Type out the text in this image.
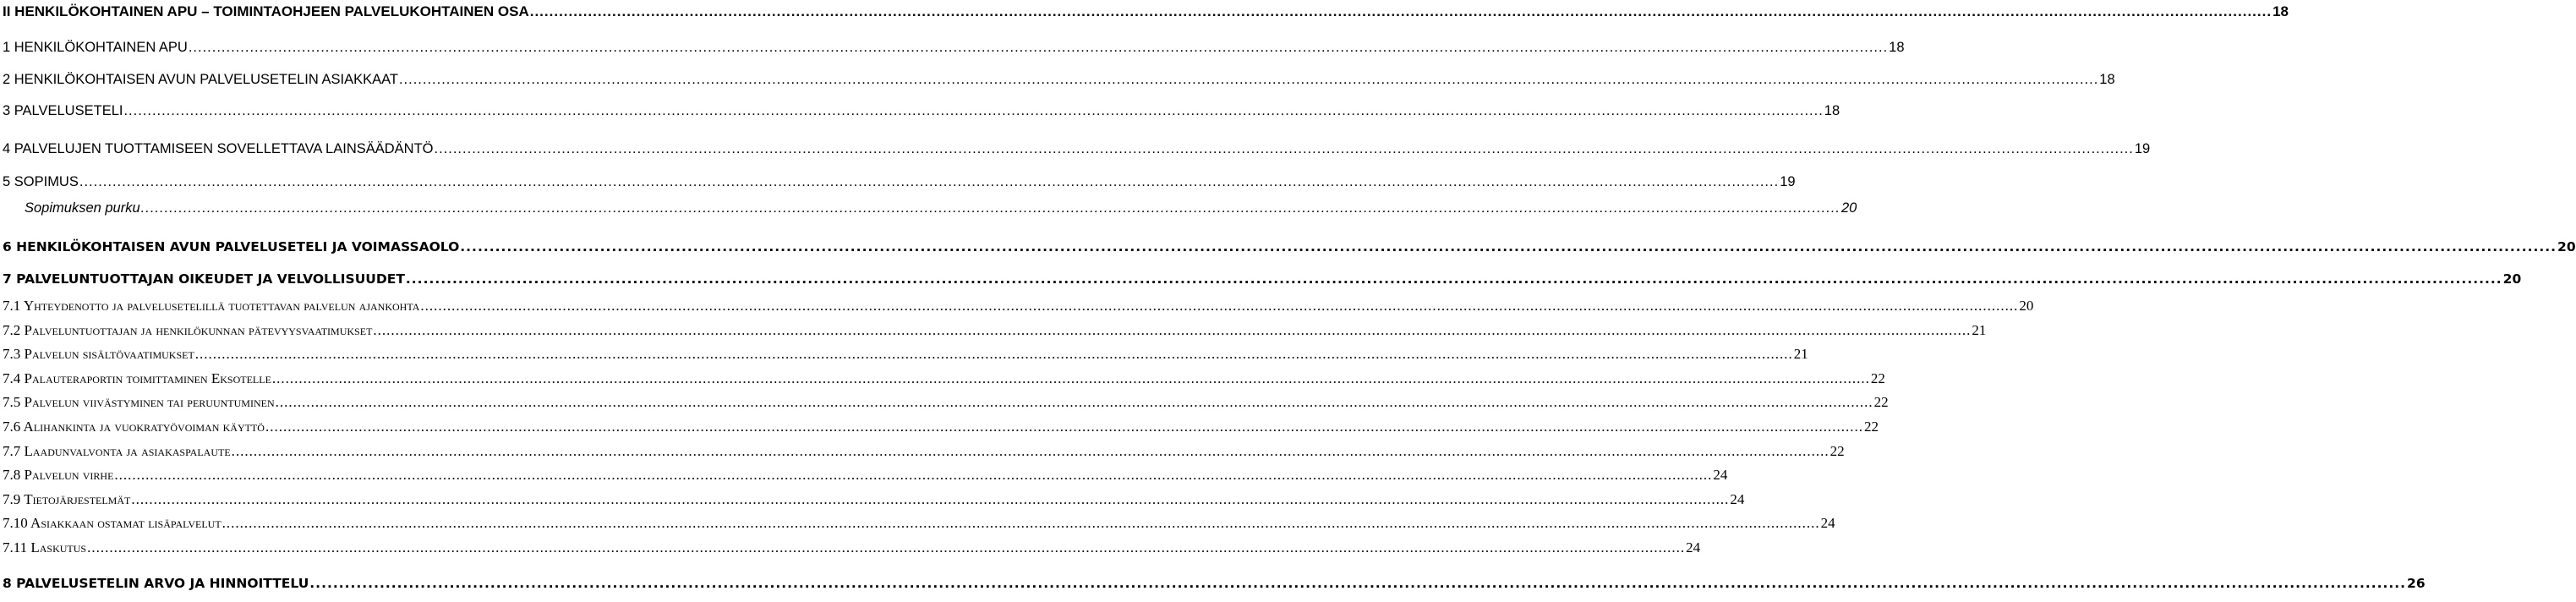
II HENKILÖKOHTAINEN APU – TOIMINTAOHJEEN PALVELUKOHTAINEN OSA .....	18
1 HENKILÖKOHTAINEN APU .....	18
2 HENKILÖKOHTAISEN AVUN PALVELUSETELIN ASIAKKAAT .....	18
3 PALVELUSETELI .....	18
4 PALVELUJEN TUOTTAMISEEN SOVELLETTAVA LAINSÄÄDÄNTÖ .....	19
5 SOPIMUS .....	19
Sopimuksen purku .....	20
6 HENKILÖKOHTAISEN AVUN PALVELUSETELI JA VOIMASSAOLO .....	20
7 PALVELUNTUOTTAJAN OIKEUDET JA VELVOLLISUUDET .....	20
7.1 Yhteydenotto ja palvelusetelillä tuotettavan palvelun ajankohta .....	20
7.2 Palveluntuottajan ja henkilökunnan pätevyysvaatimukset .....	21
7.3 Palvelun sisältövaatimukset .....	21
7.4 Palauteraportin toimittaminen Eksotelle .....	22
7.5 Palvelun viivästyminen tai peruuntuminen .....	22
7.6 Alihankinta ja vuokratyövoiman käyttö .....	22
7.7 Laadunvalvonta ja asiakaspalaute .....	22
7.8 Palvelun virhe .....	24
7.9 Tietojärjestelmät .....	24
7.10 Asiakkaan ostamat lisäpalvelut .....	24
7.11 Laskutus .....	24
8 PALVELUSETELIN ARVO JA HINNOITTELU .....	26
